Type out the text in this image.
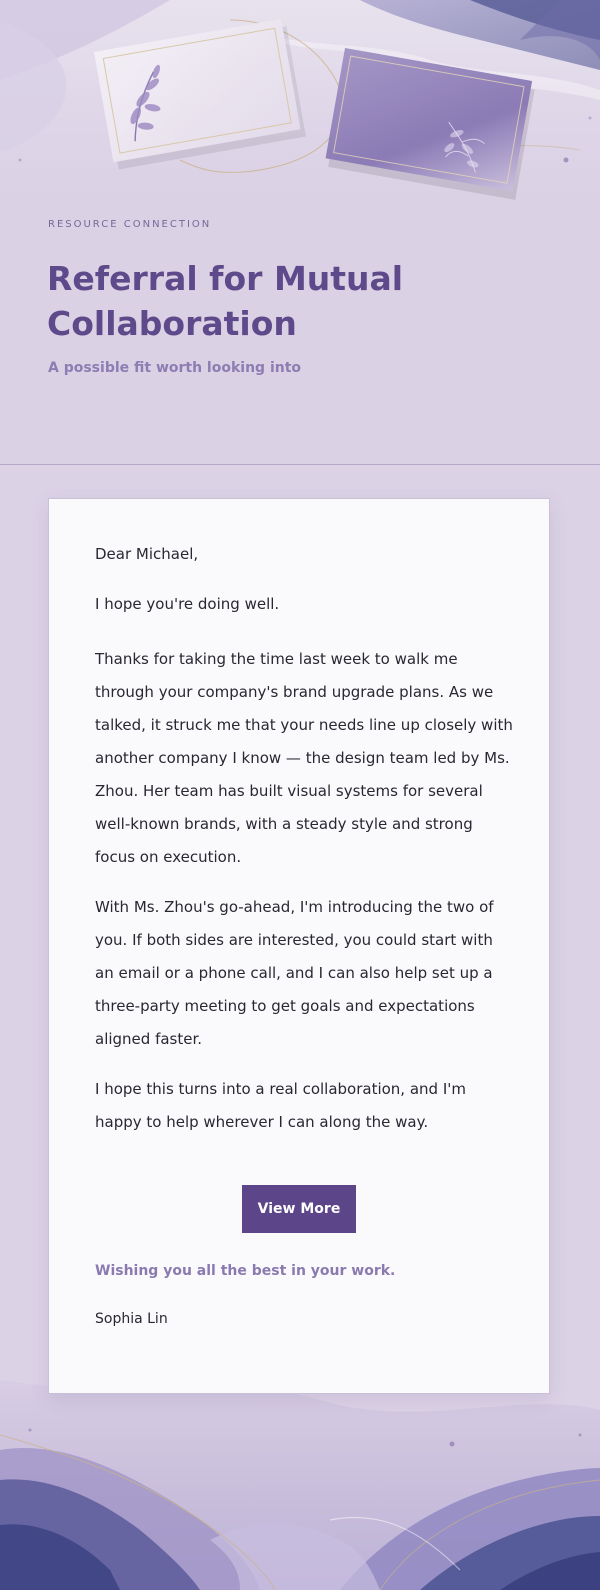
RESOURCE CONNECTION
Referral for Mutual Collaboration
A possible fit worth looking into

Dear Michael,

I hope you're doing well.

Thanks for taking the time last week to walk me through your company's brand upgrade plans. As we talked, it struck me that your needs line up closely with another company I know — the design team led by Ms. Zhou. Her team has built visual systems for several well-known brands, with a steady style and strong focus on execution.

With Ms. Zhou's go-ahead, I'm introducing the two of you. If both sides are interested, you could start with an email or a phone call, and I can also help set up a three-party meeting to get goals and expectations aligned faster.

I hope this turns into a real collaboration, and I'm happy to help wherever I can along the way.

View More
Wishing you all the best in your work.
Sophia Lin
